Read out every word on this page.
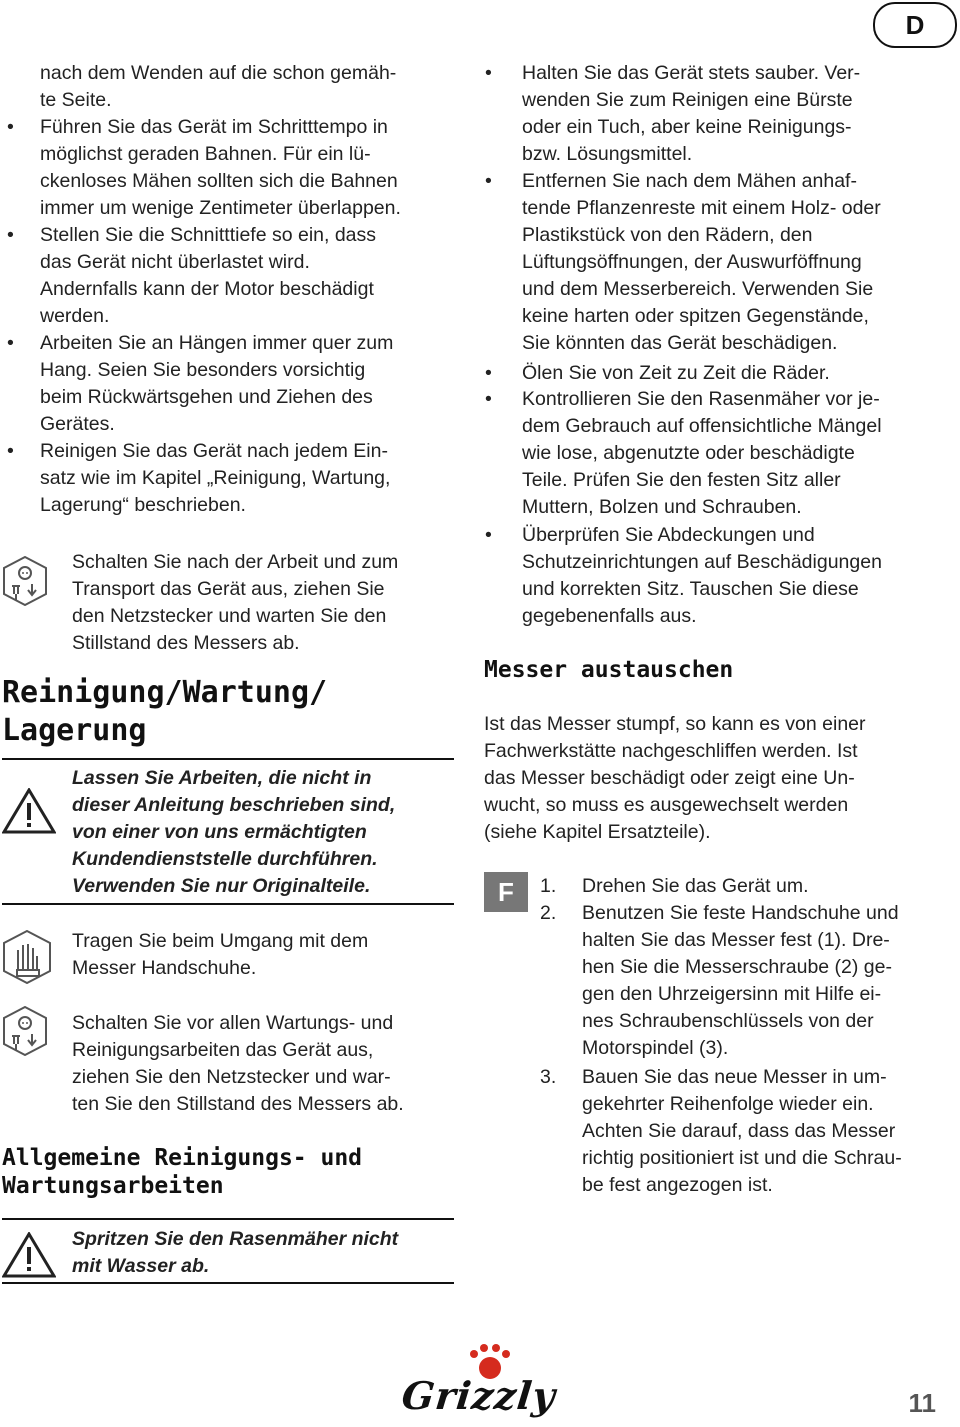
D
nach dem Wenden auf die schon gemäh-
te Seite.
• Führen Sie das Gerät im Schritttempo in
möglichst geraden Bahnen. Für ein lü-
ckenloses Mähen sollten sich die Bahnen
immer um wenige Zentimeter überlappen.
• Stellen Sie die Schnitttiefe so ein, dass
das Gerät nicht überlastet wird.
Andernfalls kann der Motor beschädigt
werden.
• Arbeiten Sie an Hängen immer quer zum
Hang. Seien Sie besonders vorsichtig
beim Rückwärtsgehen und Ziehen des
Gerätes.
• Reinigen Sie das Gerät nach jedem Ein-
satz wie im Kapitel „Reinigung, Wartung,
Lagerung“ beschrieben.
Schalten Sie nach der Arbeit und zum
Transport das Gerät aus, ziehen Sie
den Netzstecker und warten Sie den
Stillstand des Messers ab.
Reinigung/Wartung/
Lagerung
Lassen Sie Arbeiten, die nicht in
dieser Anleitung beschrieben sind,
von einer von uns ermächtigten
Kundendienststelle durchführen.
Verwenden Sie nur Originalteile.
Tragen Sie beim Umgang mit dem
Messer Handschuhe.
Schalten Sie vor allen Wartungs- und
Reinigungsarbeiten das Gerät aus,
ziehen Sie den Netzstecker und war-
ten Sie den Stillstand des Messers ab.
Allgemeine Reinigungs- und
Wartungsarbeiten
Spritzen Sie den Rasenmäher nicht
mit Wasser ab.
• Halten Sie das Gerät stets sauber. Ver-
wenden Sie zum Reinigen eine Bürste
oder ein Tuch, aber keine Reinigungs-
bzw. Lösungsmittel.
• Entfernen Sie nach dem Mähen anhaf-
tende Pflanzenreste mit einem Holz- oder
Plastikstück von den Rädern, den
Lüftungsöffnungen, der Auswurföffnung
und dem Messerbereich. Verwenden Sie
keine harten oder spitzen Gegenstände,
Sie könnten das Gerät beschädigen.
• Ölen Sie von Zeit zu Zeit die Räder.
• Kontrollieren Sie den Rasenmäher vor je-
dem Gebrauch auf offensichtliche Mängel
wie lose, abgenutzte oder beschädigte
Teile. Prüfen Sie den festen Sitz aller
Muttern, Bolzen und Schrauben.
• Überprüfen Sie Abdeckungen und
Schutzeinrichtungen auf Beschädigungen
und korrekten Sitz. Tauschen Sie diese
gegebenenfalls aus.
Messer austauschen
Ist das Messer stumpf, so kann es von einer
Fachwerkstätte nachgeschliffen werden. Ist
das Messer beschädigt oder zeigt eine Un-
wucht, so muss es ausgewechselt werden
(siehe Kapitel Ersatzteile).
F	1. Drehen Sie das Gerät um.
2. Benutzen Sie feste Handschuhe und
halten Sie das Messer fest (1). Dre-
hen Sie die Messerschraube (2) ge-
gen den Uhrzeigersinn mit Hilfe ei-
nes Schraubenschlüssels von der
Motorspindel (3).
3. Bauen Sie das neue Messer in um-
gekehrter Reihenfolge wieder ein.
Achten Sie darauf, dass das Messer
richtig positioniert ist und die Schrau-
be fest angezogen ist.
Grizzly	11
